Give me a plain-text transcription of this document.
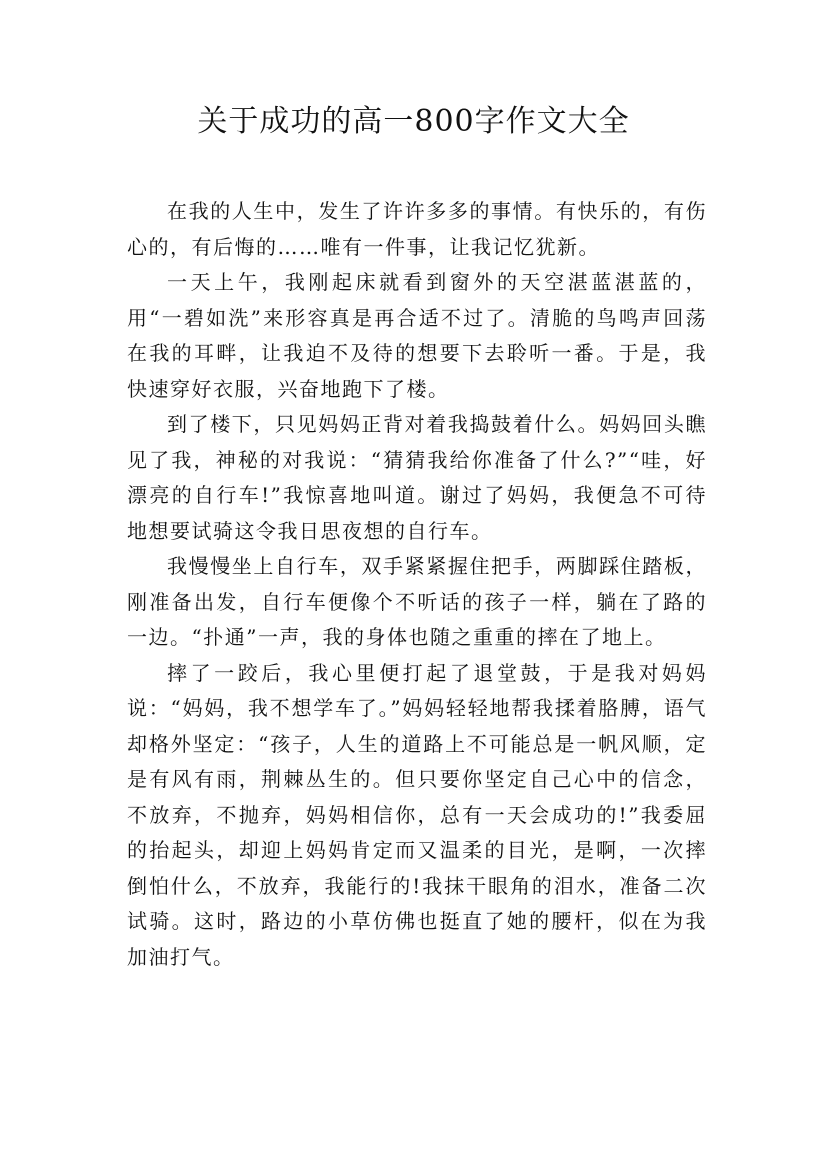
关于成功的高一800字作文大全

在我的人生中，发生了许许多多的事情。有快乐的，有伤心的，有后悔的……唯有一件事，让我记忆犹新。

一天上午，我刚起床就看到窗外的天空湛蓝湛蓝的，用“一碧如洗”来形容真是再合适不过了。清脆的鸟鸣声回荡在我的耳畔，让我迫不及待的想要下去聆听一番。于是，我快速穿好衣服，兴奋地跑下了楼。

到了楼下，只见妈妈正背对着我捣鼓着什么。妈妈回头瞧见了我，神秘的对我说：“猜猜我给你准备了什么?”“哇，好漂亮的自行车!”我惊喜地叫道。谢过了妈妈，我便急不可待地想要试骑这令我日思夜想的自行车。

我慢慢坐上自行车，双手紧紧握住把手，两脚踩住踏板，刚准备出发，自行车便像个不听话的孩子一样，躺在了路的一边。“扑通”一声，我的身体也随之重重的摔在了地上。

摔了一跤后，我心里便打起了退堂鼓，于是我对妈妈说：“妈妈，我不想学车了。”妈妈轻轻地帮我揉着胳膊，语气却格外坚定：“孩子，人生的道路上不可能总是一帆风顺，定是有风有雨，荆棘丛生的。但只要你坚定自己心中的信念，不放弃，不抛弃，妈妈相信你，总有一天会成功的!”我委屈的抬起头，却迎上妈妈肯定而又温柔的目光，是啊，一次摔倒怕什么，不放弃，我能行的!我抹干眼角的泪水，准备二次试骑。这时，路边的小草仿佛也挺直了她的腰杆，似在为我加油打气。
